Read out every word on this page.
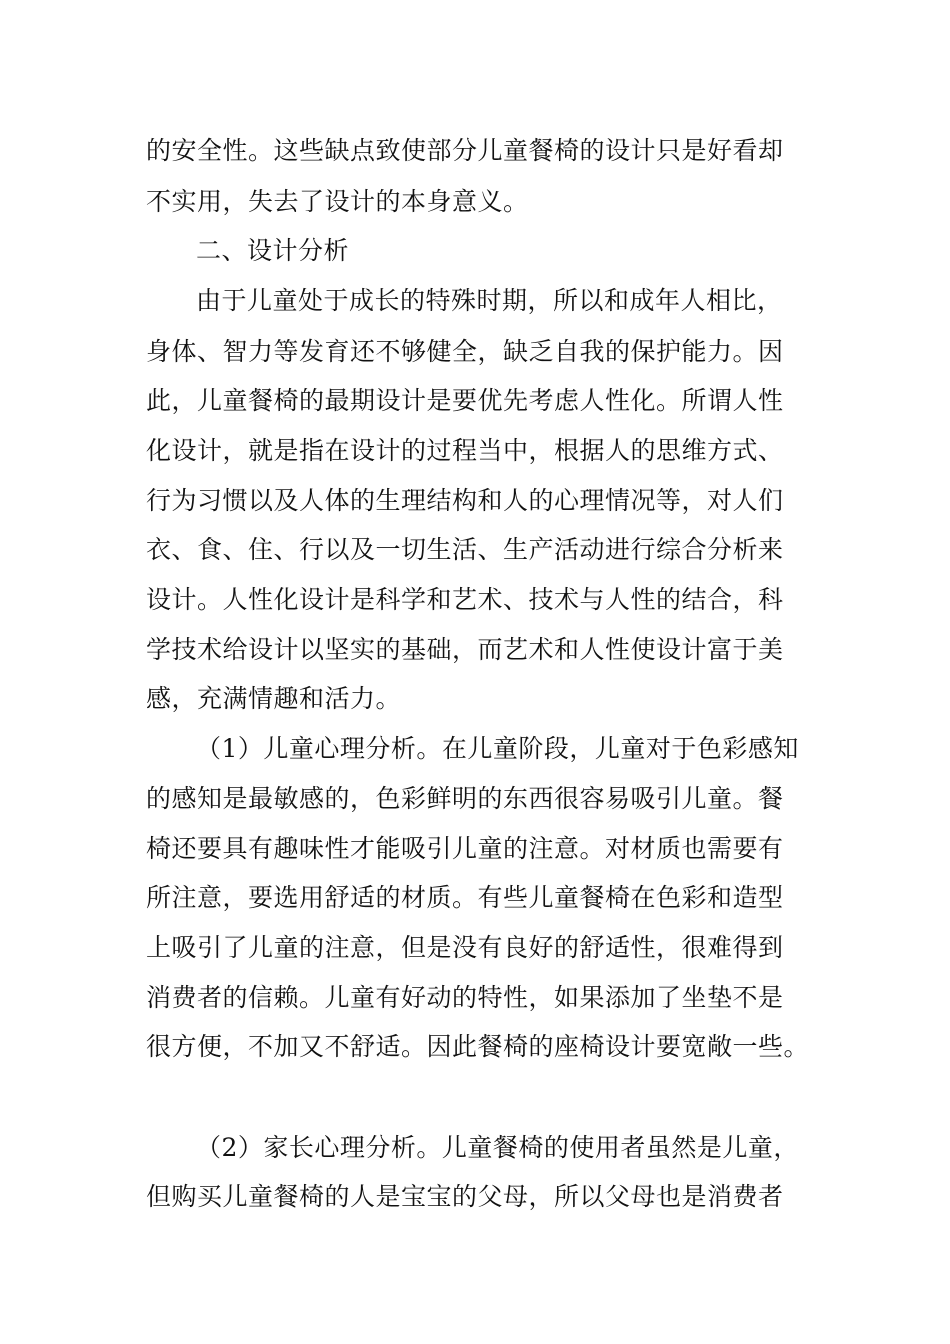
的安全性。这些缺点致使部分儿童餐椅的设计只是好看却
不实用，失去了设计的本身意义。
二、设计分析
由于儿童处于成长的特殊时期，所以和成年人相比，
身体、智力等发育还不够健全，缺乏自我的保护能力。因
此，儿童餐椅的最期设计是要优先考虑人性化。所谓人性
化设计，就是指在设计的过程当中，根据人的思维方式、
行为习惯以及人体的生理结构和人的心理情况等，对人们
衣、食、住、行以及一切生活、生产活动进行综合分析来
设计。人性化设计是科学和艺术、技术与人性的结合，科
学技术给设计以坚实的基础，而艺术和人性使设计富于美
感，充满情趣和活力。
（1）儿童心理分析。在儿童阶段，儿童对于色彩感知
的感知是最敏感的，色彩鲜明的东西很容易吸引儿童。餐
椅还要具有趣味性才能吸引儿童的注意。对材质也需要有
所注意，要选用舒适的材质。有些儿童餐椅在色彩和造型
上吸引了儿童的注意，但是没有良好的舒适性，很难得到
消费者的信赖。儿童有好动的特性，如果添加了坐垫不是
很方便，不加又不舒适。因此餐椅的座椅设计要宽敞一些。
（2）家长心理分析。儿童餐椅的使用者虽然是儿童，
但购买儿童餐椅的人是宝宝的父母，所以父母也是消费者
